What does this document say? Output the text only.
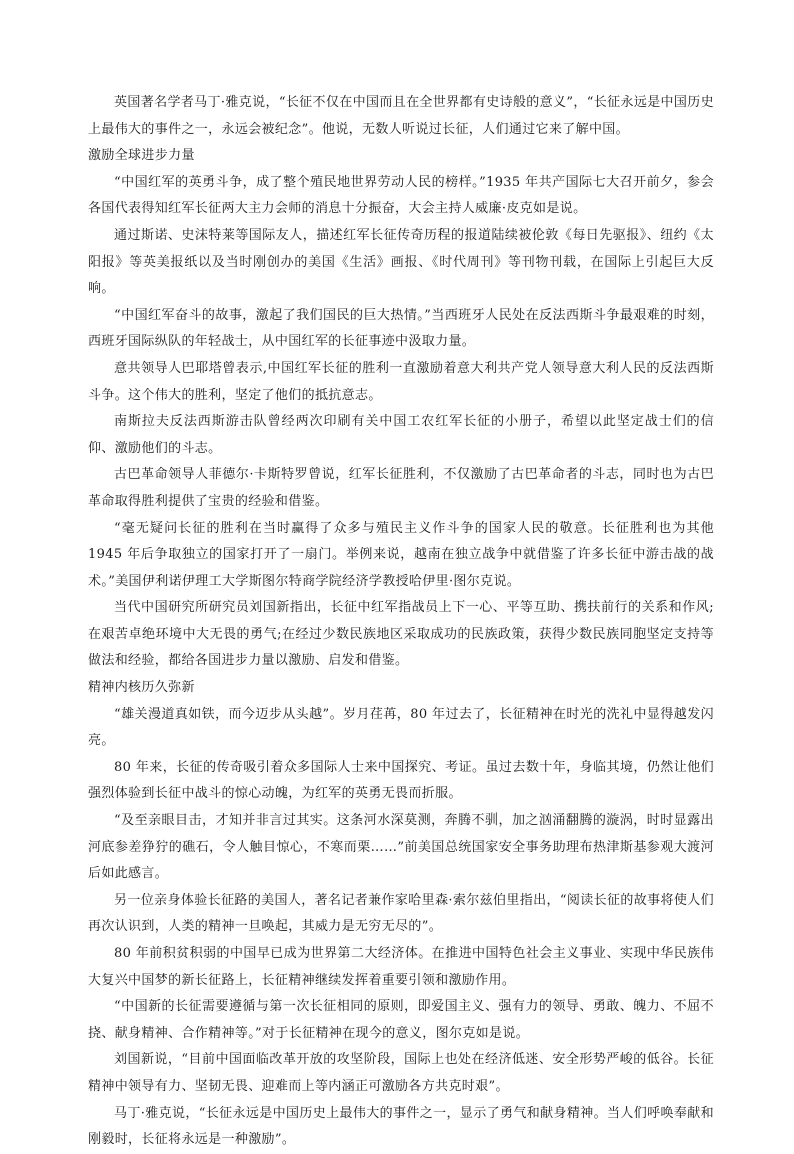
英国著名学者马丁·雅克说，“长征不仅在中国而且在全世界都有史诗般的意义”，“长征永远是中国历史上最伟大的事件之一，永远会被纪念”。他说，无数人听说过长征，人们通过它来了解中国。

激励全球进步力量

“中国红军的英勇斗争，成了整个殖民地世界劳动人民的榜样。”1935 年共产国际七大召开前夕，参会各国代表得知红军长征两大主力会师的消息十分振奋，大会主持人威廉·皮克如是说。

通过斯诺、史沫特莱等国际友人，描述红军长征传奇历程的报道陆续被伦敦《每日先驱报》、纽约《太阳报》等英美报纸以及当时刚创办的美国《生活》画报、《时代周刊》等刊物刊载，在国际上引起巨大反响。

“中国红军奋斗的故事，激起了我们国民的巨大热情。”当西班牙人民处在反法西斯斗争最艰难的时刻，西班牙国际纵队的年轻战士，从中国红军的长征事迹中汲取力量。

意共领导人巴耶塔曾表示,中国红军长征的胜利一直激励着意大利共产党人领导意大利人民的反法西斯斗争。这个伟大的胜利，坚定了他们的抵抗意志。

南斯拉夫反法西斯游击队曾经两次印刷有关中国工农红军长征的小册子，希望以此坚定战士们的信仰、激励他们的斗志。

古巴革命领导人菲德尔·卡斯特罗曾说，红军长征胜利，不仅激励了古巴革命者的斗志，同时也为古巴革命取得胜利提供了宝贵的经验和借鉴。

“毫无疑问长征的胜利在当时赢得了众多与殖民主义作斗争的国家人民的敬意。长征胜利也为其他 1945 年后争取独立的国家打开了一扇门。举例来说，越南在独立战争中就借鉴了许多长征中游击战的战术。”美国伊利诺伊理工大学斯图尔特商学院经济学教授哈伊里·图尔克说。

当代中国研究所研究员刘国新指出，长征中红军指战员上下一心、平等互助、携扶前行的关系和作风;在艰苦卓绝环境中大无畏的勇气;在经过少数民族地区采取成功的民族政策，获得少数民族同胞坚定支持等做法和经验，都给各国进步力量以激励、启发和借鉴。

精神内核历久弥新

“雄关漫道真如铁，而今迈步从头越”。岁月荏苒，80 年过去了，长征精神在时光的洗礼中显得越发闪亮。

80 年来，长征的传奇吸引着众多国际人士来中国探究、考证。虽过去数十年，身临其境，仍然让他们强烈体验到长征中战斗的惊心动魄，为红军的英勇无畏而折服。

“及至亲眼目击，才知并非言过其实。这条河水深莫测，奔腾不驯，加之汹涌翻腾的漩涡，时时显露出河底参差狰狞的礁石，令人触目惊心，不寒而栗……”前美国总统国家安全事务助理布热津斯基参观大渡河后如此感言。

另一位亲身体验长征路的美国人，著名记者兼作家哈里森·索尔兹伯里指出，“阅读长征的故事将使人们再次认识到，人类的精神一旦唤起，其威力是无穷无尽的”。

80 年前积贫积弱的中国早已成为世界第二大经济体。在推进中国特色社会主义事业、实现中华民族伟大复兴中国梦的新长征路上，长征精神继续发挥着重要引领和激励作用。

“中国新的长征需要遵循与第一次长征相同的原则，即爱国主义、强有力的领导、勇敢、魄力、不屈不挠、献身精神、合作精神等。”对于长征精神在现今的意义，图尔克如是说。

刘国新说，“目前中国面临改革开放的攻坚阶段，国际上也处在经济低迷、安全形势严峻的低谷。长征精神中领导有力、坚韧无畏、迎难而上等内涵正可激励各方共克时艰”。

马丁·雅克说，“长征永远是中国历史上最伟大的事件之一，显示了勇气和献身精神。当人们呼唤奉献和刚毅时，长征将永远是一种激励”。
